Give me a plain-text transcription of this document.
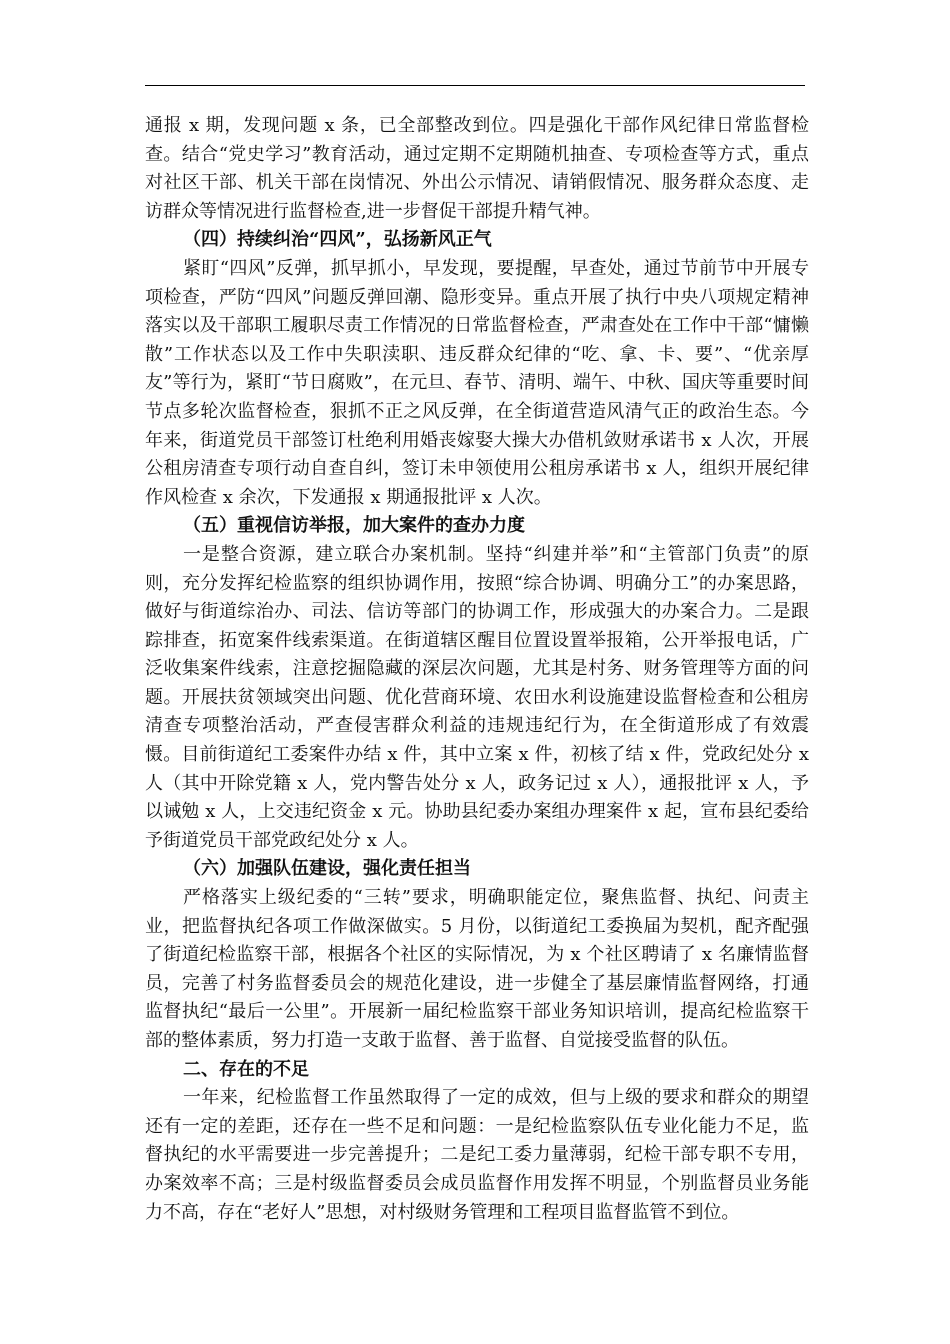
通报 x 期，发现问题 x 条，已全部整改到位。四是强化干部作风纪律日常监督检查。结合“党史学习”教育活动，通过定期不定期随机抽查、专项检查等方式，重点对社区干部、机关干部在岗情况、外出公示情况、请销假情况、服务群众态度、走访群众等情况进行监督检查,进一步督促干部提升精气神。

（四）持续纠治“四风”，弘扬新风正气

紧盯“四风”反弹，抓早抓小，早发现，要提醒，早查处，通过节前节中开展专项检查，严防“四风”问题反弹回潮、隐形变异。重点开展了执行中央八项规定精神落实以及干部职工履职尽责工作情况的日常监督检查，严肃查处在工作中干部“慵懒散”工作状态以及工作中失职渎职、违反群众纪律的“吃、拿、卡、要”、“优亲厚友”等行为，紧盯“节日腐败”，在元旦、春节、清明、端午、中秋、国庆等重要时间节点多轮次监督检查，狠抓不正之风反弹，在全街道营造风清气正的政治生态。今年来，街道党员干部签订杜绝利用婚丧嫁娶大操大办借机敛财承诺书 x 人次，开展公租房清查专项行动自查自纠，签订未申领使用公租房承诺书 x 人，组织开展纪律作风检查 x 余次，下发通报 x 期通报批评 x 人次。

（五）重视信访举报，加大案件的查办力度

一是整合资源，建立联合办案机制。坚持“纠建并举”和“主管部门负责”的原则，充分发挥纪检监察的组织协调作用，按照“综合协调、明确分工”的办案思路，做好与街道综治办、司法、信访等部门的协调工作，形成强大的办案合力。二是跟踪排查，拓宽案件线索渠道。在街道辖区醒目位置设置举报箱，公开举报电话，广泛收集案件线索，注意挖掘隐藏的深层次问题，尤其是村务、财务管理等方面的问题。开展扶贫领域突出问题、优化营商环境、农田水利设施建设监督检查和公租房清查专项整治活动，严查侵害群众利益的违规违纪行为，在全街道形成了有效震慑。目前街道纪工委案件办结 x 件，其中立案 x 件，初核了结 x 件，党政纪处分 x 人（其中开除党籍 x 人，党内警告处分 x 人，政务记过 x 人），通报批评 x 人，予以诫勉 x 人，上交违纪资金 x 元。协助县纪委办案组办理案件 x 起，宣布县纪委给予街道党员干部党政纪处分 x 人。

（六）加强队伍建设，强化责任担当

严格落实上级纪委的“三转”要求，明确职能定位，聚焦监督、执纪、问责主业，把监督执纪各项工作做深做实。5 月份，以街道纪工委换届为契机，配齐配强了街道纪检监察干部，根据各个社区的实际情况，为 x 个社区聘请了 x 名廉情监督员，完善了村务监督委员会的规范化建设，进一步健全了基层廉情监督网络，打通监督执纪“最后一公里”。开展新一届纪检监察干部业务知识培训，提高纪检监察干部的整体素质，努力打造一支敢于监督、善于监督、自觉接受监督的队伍。

二、存在的不足

一年来，纪检监督工作虽然取得了一定的成效，但与上级的要求和群众的期望还有一定的差距，还存在一些不足和问题：一是纪检监察队伍专业化能力不足，监督执纪的水平需要进一步完善提升；二是纪工委力量薄弱，纪检干部专职不专用，办案效率不高；三是村级监督委员会成员监督作用发挥不明显，个别监督员业务能力不高，存在“老好人”思想，对村级财务管理和工程项目监督监管不到位。
